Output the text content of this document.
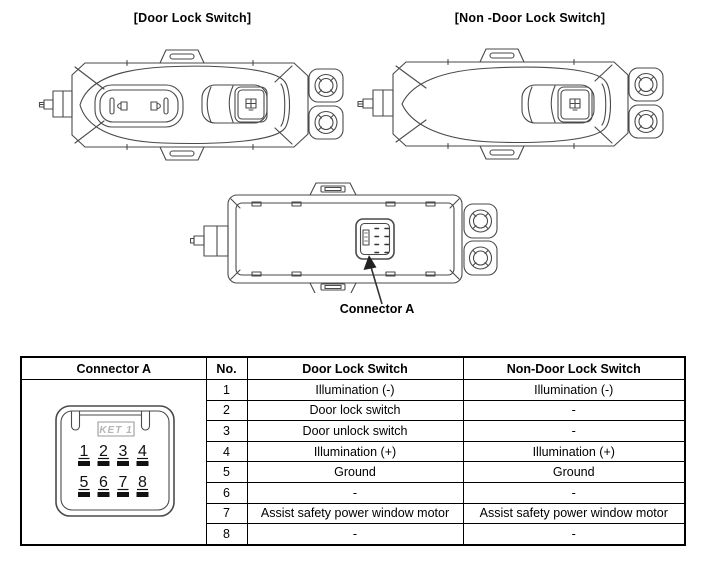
[Door Lock Switch]	[Non -Door Lock Switch]
Connector A
Connector A	No.	Door Lock Switch	Non-Door Lock Switch

KET 1
1 2 3 4
5 6 7 8
	1	Illumination (-)	Illumination (-)
	2	Door lock switch	-
	3	Door unlock switch	-
	4	Illumination (+)	Illumination (+)
	5	Ground	Ground
	6	-	-
	7	Assist safety power window motor	Assist safety power window motor
	8	-	-
